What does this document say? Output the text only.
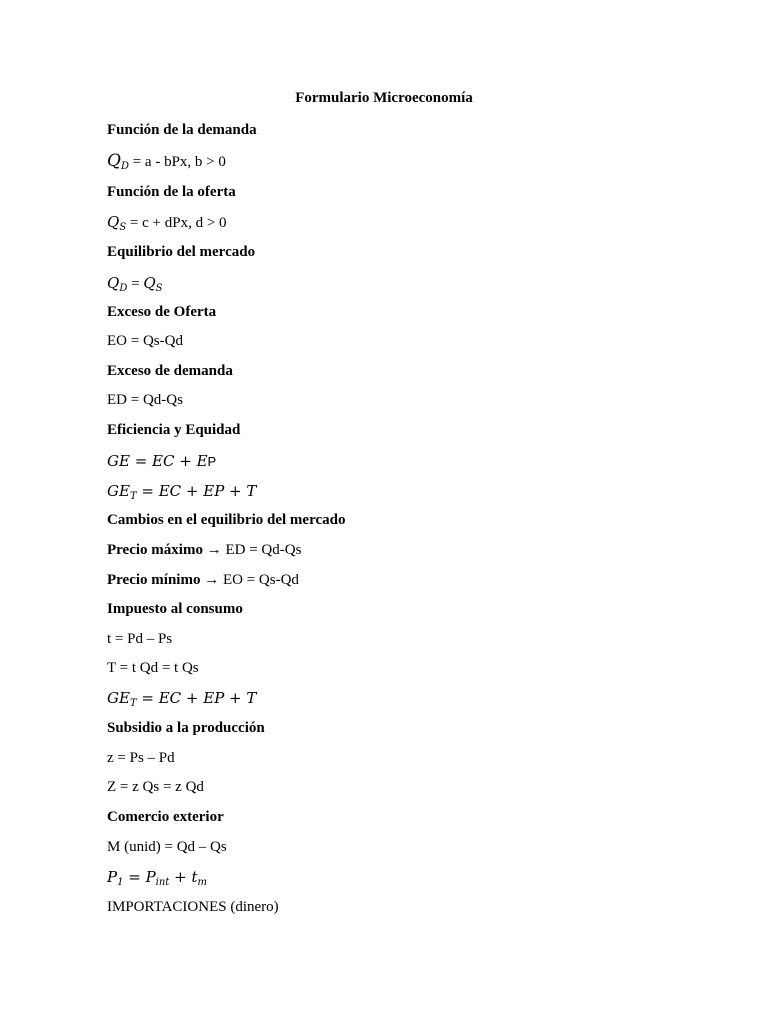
Formulario Microeconomía
Función de la demanda
$Q_D = a$ - bPx, b > 0
Función de la oferta
$Q_S = c$ + dPx, d > 0
Equilibrio del mercado
$Q_D = Q_S$
Exceso de Oferta
EO = Qs-Qd
Exceso de demanda
ED = Qd-Qs
Eficiencia y Equidad
GE = EC + EP
$GE_T$ = EC + EP + T
Cambios en el equilibrio del mercado
Precio máximo → ED = Qd-Qs
Precio mínimo → EO = Qs-Qd
Impuesto al consumo
t = Pd – Ps
T = t Qd = t Qs
$GE_T$ = EC + EP + T
Subsidio a la producción
z = Ps – Pd
Z = z Qs = z Qd
Comercio exterior
M (unid) = Qd – Qs
$P_1 = P_{int} + t_m$
IMPORTACIONES (dinero)
